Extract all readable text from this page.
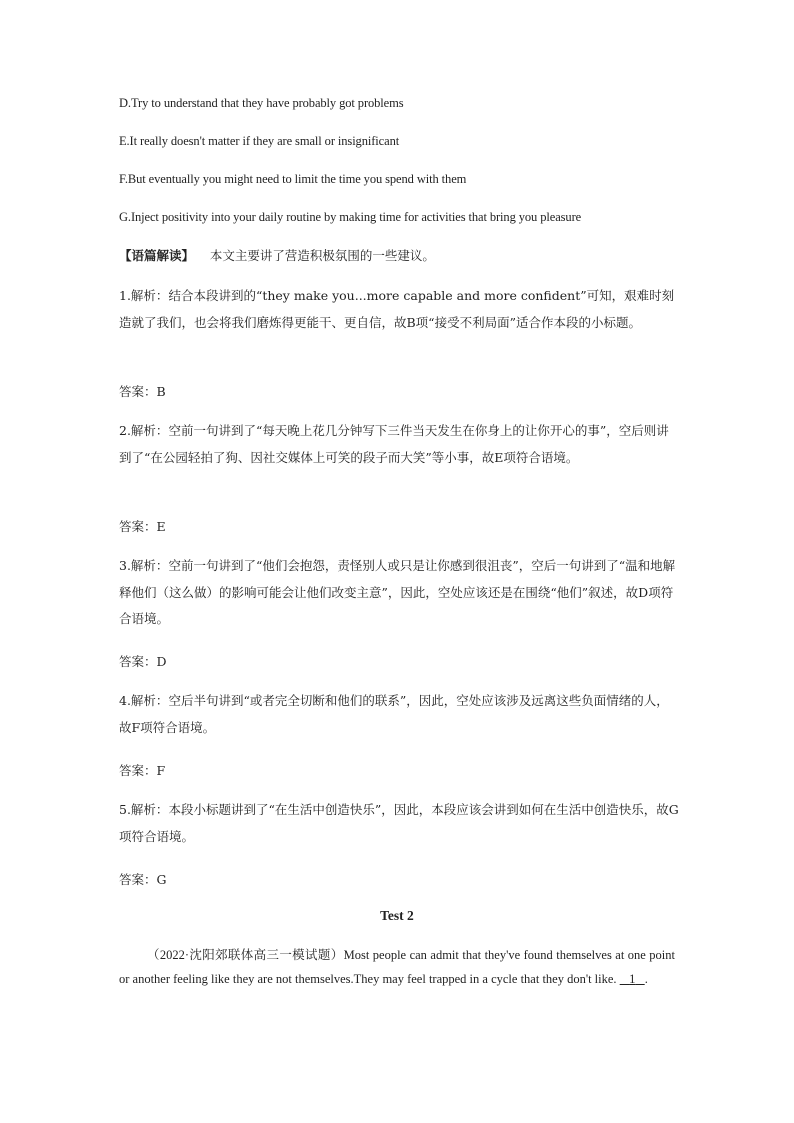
D.Try to understand that they have probably got problems
E.It really doesn't matter if they are small or insignificant
F.But eventually you might need to limit the time you spend with them
G.Inject positivity into your daily routine by making time for activities that bring you pleasure
【语篇解读】 本文主要讲了营造积极氛围的一些建议。
1.解析：结合本段讲到的“they make you...more capable and more confident”可知，艰难时刻造就了我们，也会将我们磨炼得更能干、更自信，故B项“接受不利局面”适合作本段的小标题。
答案：B
2.解析：空前一句讲到了“每天晚上花几分钟写下三件当天发生在你身上的让你开心的事”，空后则讲到了“在公园轻拍了狗、因社交媒体上可笑的段子而大笑”等小事，故E项符合语境。
答案：E
3.解析：空前一句讲到了“他们会抱怨，责怪别人或只是让你感到很沮丧”，空后一句讲到了“温和地解释他们（这么做）的影响可能会让他们改变主意”，因此，空处应该还是在围绕“他们”叙述，故D项符合语境。
答案：D
4.解析：空后半句讲到“或者完全切断和他们的联系”，因此，空处应该涉及远离这些负面情绪的人，故F项符合语境。
答案：F
5.解析：本段小标题讲到了“在生活中创造快乐”，因此，本段应该会讲到如何在生活中创造快乐，故G项符合语境。
答案：G
Test 2
（2022·沈阳郊联体高三一模试题）Most people can admit that they've found themselves at one point or another feeling like they are not themselves.They may feel trapped in a cycle that they don't like. 1 .
